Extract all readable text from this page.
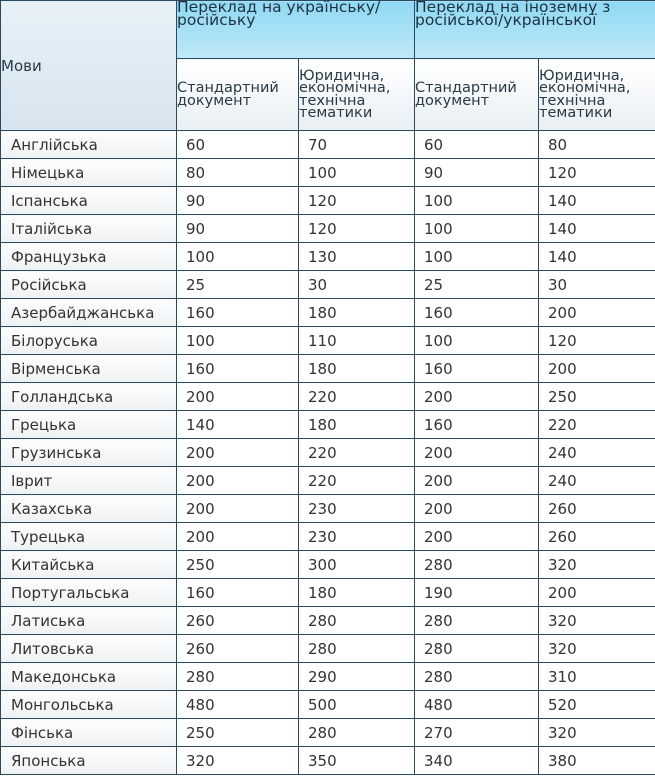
Мови	Переклад на українську/ російську		Переклад на іноземну з російської/української	
	Стандартний документ	Юридична, економічна, технічна тематики	Стандартний документ	Юридична, економічна, технічна тематики
Англійська	60	70	60	80
Німецька	80	100	90	120
Іспанська	90	120	100	140
Італійська	90	120	100	140
Французька	100	130	100	140
Російська	25	30	25	30
Азербайджанська	160	180	160	200
Білоруська	100	110	100	120
Вірменська	160	180	160	200
Голландська	200	220	200	250
Грецька	140	180	160	220
Грузинська	200	220	200	240
Іврит	200	220	200	240
Казахська	200	230	200	260
Турецька	200	230	200	260
Китайська	250	300	280	320
Португальська	160	180	190	200
Латиська	260	280	280	320
Литовська	260	280	280	320
Македонська	280	290	280	310
Монгольська	480	500	480	520
Фінська	250	280	270	320
Японська	320	350	340	380
